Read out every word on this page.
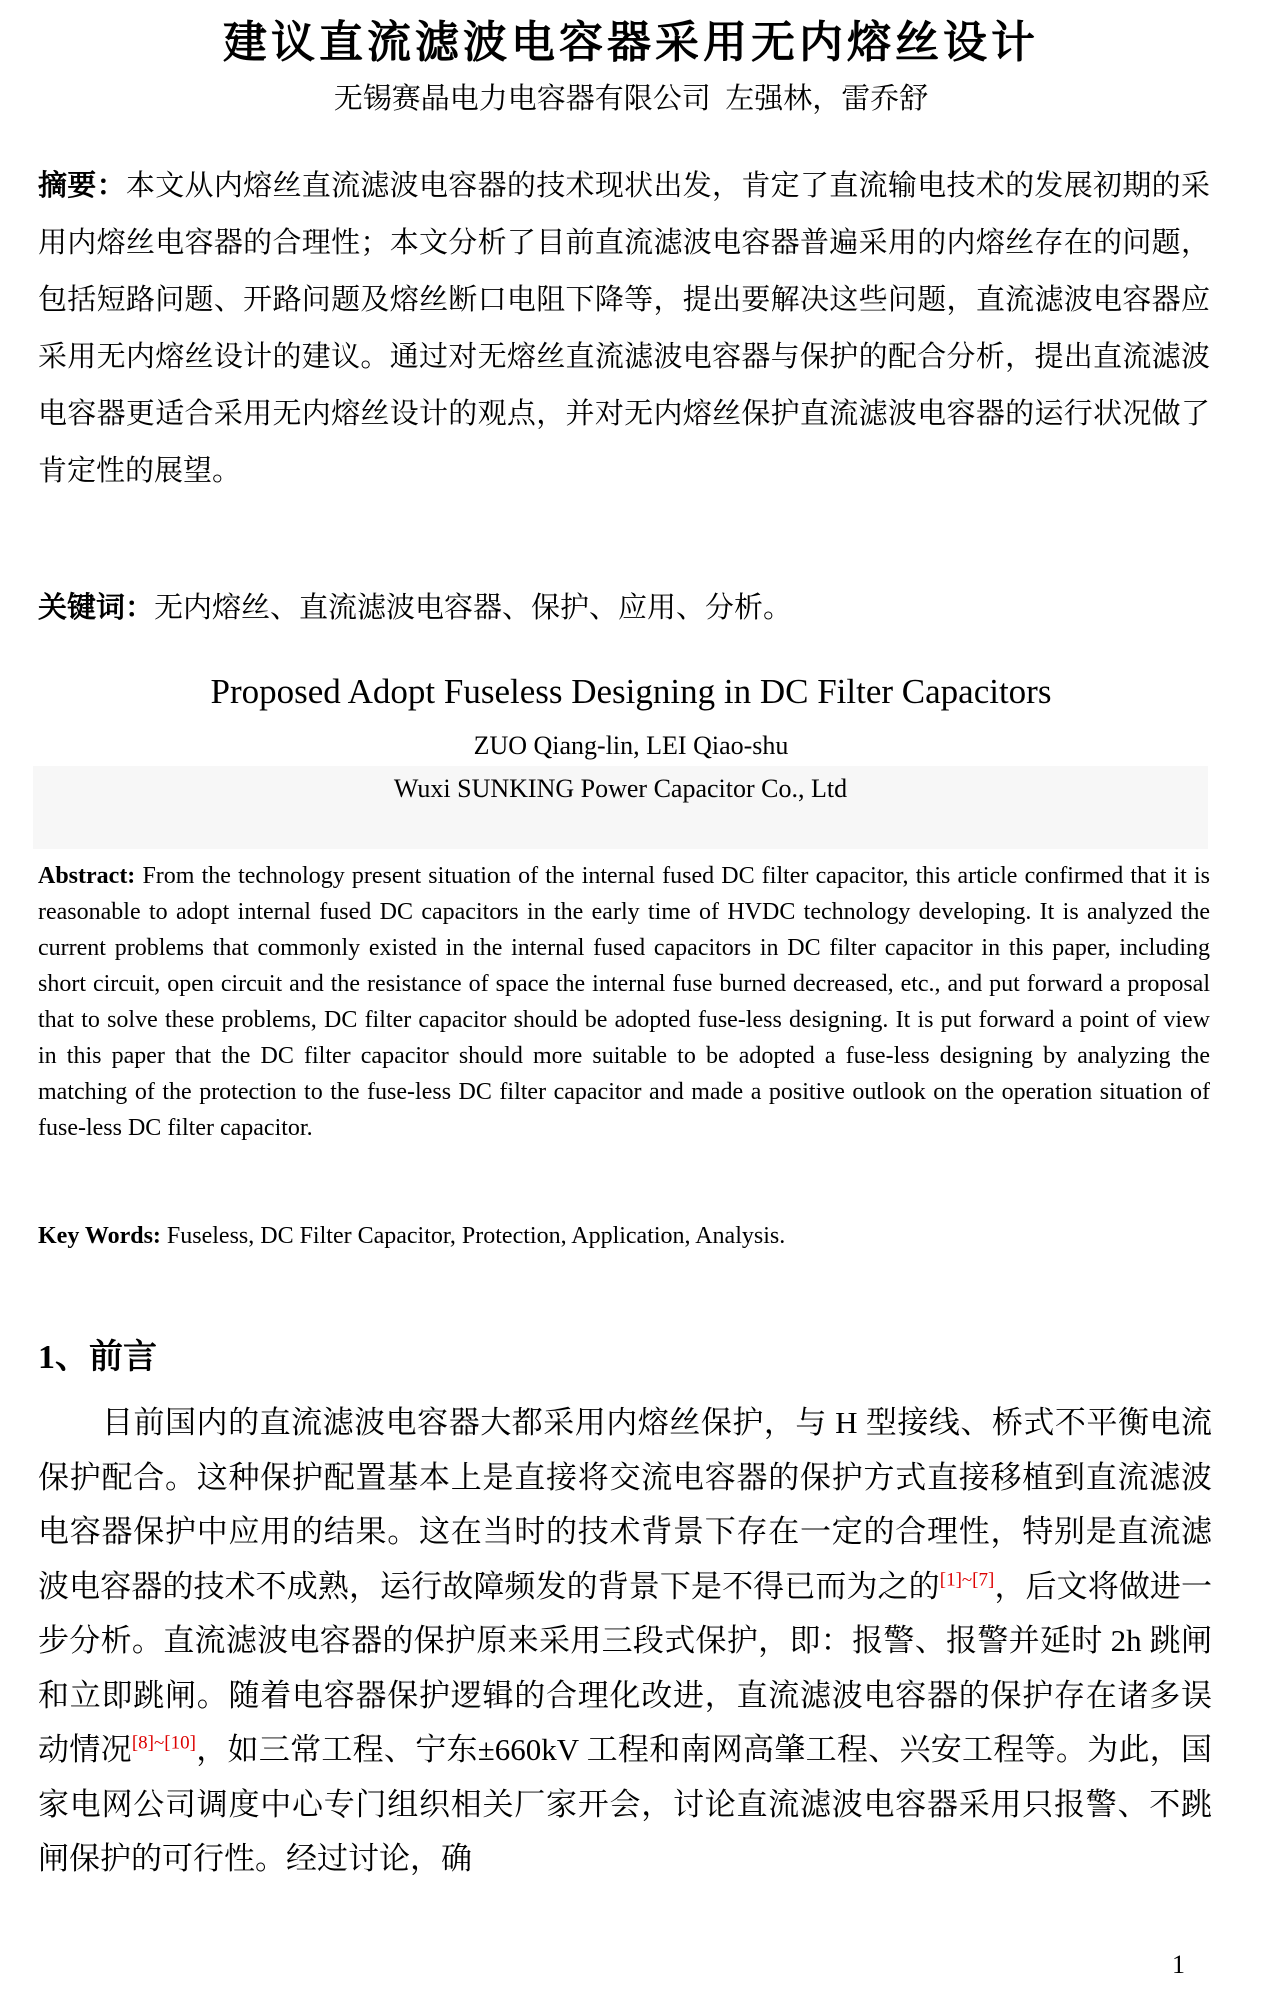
建议直流滤波电容器采用无内熔丝设计
无锡赛晶电力电容器有限公司  左强林，雷乔舒

摘要：本文从内熔丝直流滤波电容器的技术现状出发，肯定了直流输电技术的发展初期的采用内熔丝电容器的合理性；本文分析了目前直流滤波电容器普遍采用的内熔丝存在的问题，包括短路问题、开路问题及熔丝断口电阻下降等，提出要解决这些问题，直流滤波电容器应采用无内熔丝设计的建议。通过对无熔丝直流滤波电容器与保护的配合分析，提出直流滤波电容器更适合采用无内熔丝设计的观点，并对无内熔丝保护直流滤波电容器的运行状况做了肯定性的展望。

关键词：无内熔丝、直流滤波电容器、保护、应用、分析。

Proposed Adopt Fuseless Designing in DC Filter Capacitors
ZUO Qiang-lin, LEI Qiao-shu
Wuxi SUNKING Power Capacitor Co., Ltd

Abstract: From the technology present situation of the internal fused DC filter capacitor, this article confirmed that it is reasonable to adopt internal fused DC capacitors in the early time of HVDC technology developing. It is analyzed the current problems that commonly existed in the internal fused capacitors in DC filter capacitor in this paper, including short circuit, open circuit and the resistance of space the internal fuse burned decreased, etc., and put forward a proposal that to solve these problems, DC filter capacitor should be adopted fuse-less designing. It is put forward a point of view in this paper that the DC filter capacitor should more suitable to be adopted a fuse-less designing by analyzing the matching of the protection to the fuse-less DC filter capacitor and made a positive outlook on the operation situation of fuse-less DC filter capacitor.

Key Words: Fuseless, DC Filter Capacitor, Protection, Application, Analysis.

1、前言

目前国内的直流滤波电容器大都采用内熔丝保护，与 H 型接线、桥式不平衡电流保护配合。这种保护配置基本上是直接将交流电容器的保护方式直接移植到直流滤波电容器保护中应用的结果。这在当时的技术背景下存在一定的合理性，特别是直流滤波电容器的技术不成熟，运行故障频发的背景下是不得已而为之的[1]~[7]，后文将做进一步分析。直流滤波电容器的保护原来采用三段式保护，即：报警、报警并延时 2h 跳闸和立即跳闸。随着电容器保护逻辑的合理化改进，直流滤波电容器的保护存在诸多误动情况[8]~[10]，如三常工程、宁东±660kV 工程和南网高肇工程、兴安工程等。为此，国家电网公司调度中心专门组织相关厂家开会，讨论直流滤波电容器采用只报警、不跳闸保护的可行性。经过讨论，确

1
